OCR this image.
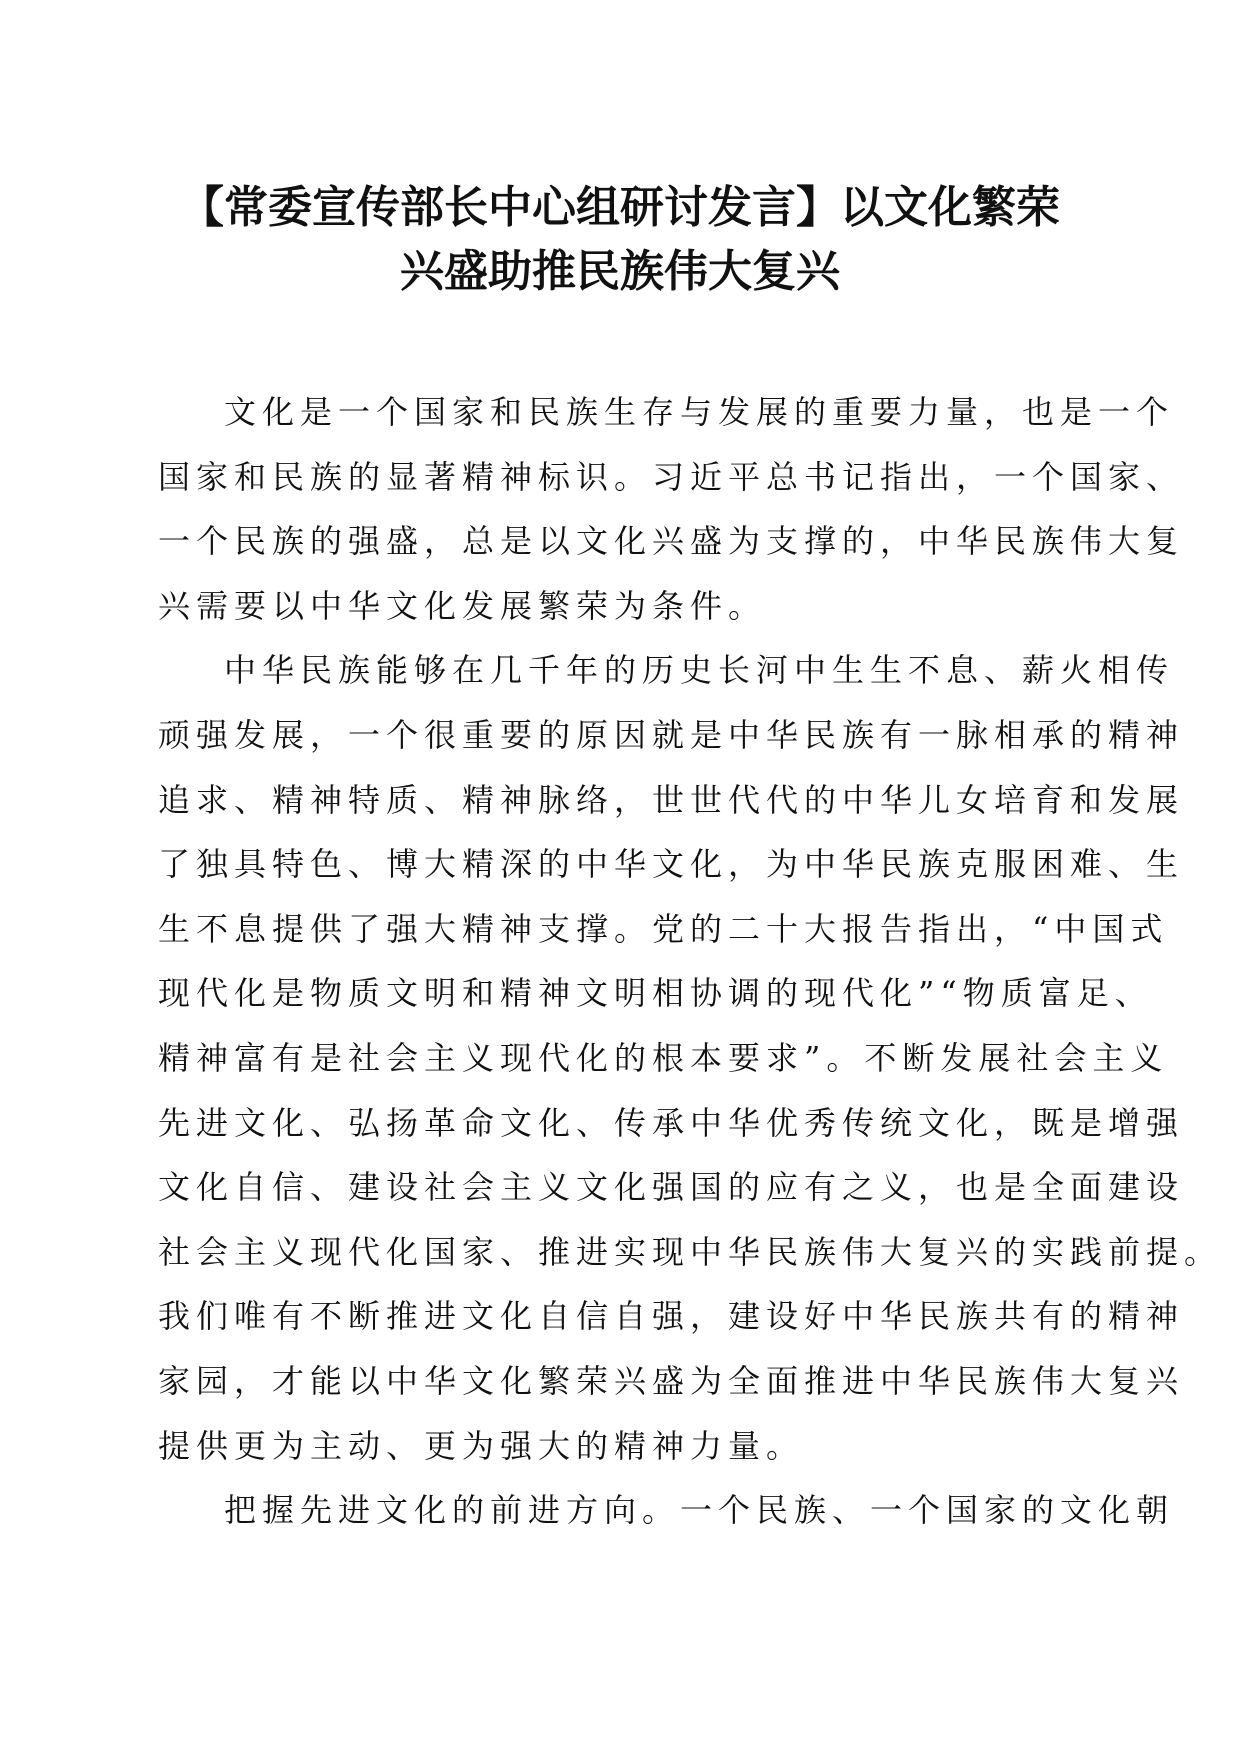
【常委宣传部长中心组研讨发言】以文化繁荣
兴盛助推民族伟大复兴
文化是一个国家和民族生存与发展的重要力量，也是一个
国家和民族的显著精神标识。习近平总书记指出，一个国家、
一个民族的强盛，总是以文化兴盛为支撑的，中华民族伟大复
兴需要以中华文化发展繁荣为条件。
中华民族能够在几千年的历史长河中生生不息、薪火相传
顽强发展，一个很重要的原因就是中华民族有一脉相承的精神
追求、精神特质、精神脉络，世世代代的中华儿女培育和发展
了独具特色、博大精深的中华文化，为中华民族克服困难、生
生不息提供了强大精神支撑。党的二十大报告指出，“中国式
现代化是物质文明和精神文明相协调的现代化”“物质富足、
精神富有是社会主义现代化的根本要求”。不断发展社会主义
先进文化、弘扬革命文化、传承中华优秀传统文化，既是增强
文化自信、建设社会主义文化强国的应有之义，也是全面建设
社会主义现代化国家、推进实现中华民族伟大复兴的实践前提。
我们唯有不断推进文化自信自强，建设好中华民族共有的精神
家园，才能以中华文化繁荣兴盛为全面推进中华民族伟大复兴
提供更为主动、更为强大的精神力量。
把握先进文化的前进方向。一个民族、一个国家的文化朝
